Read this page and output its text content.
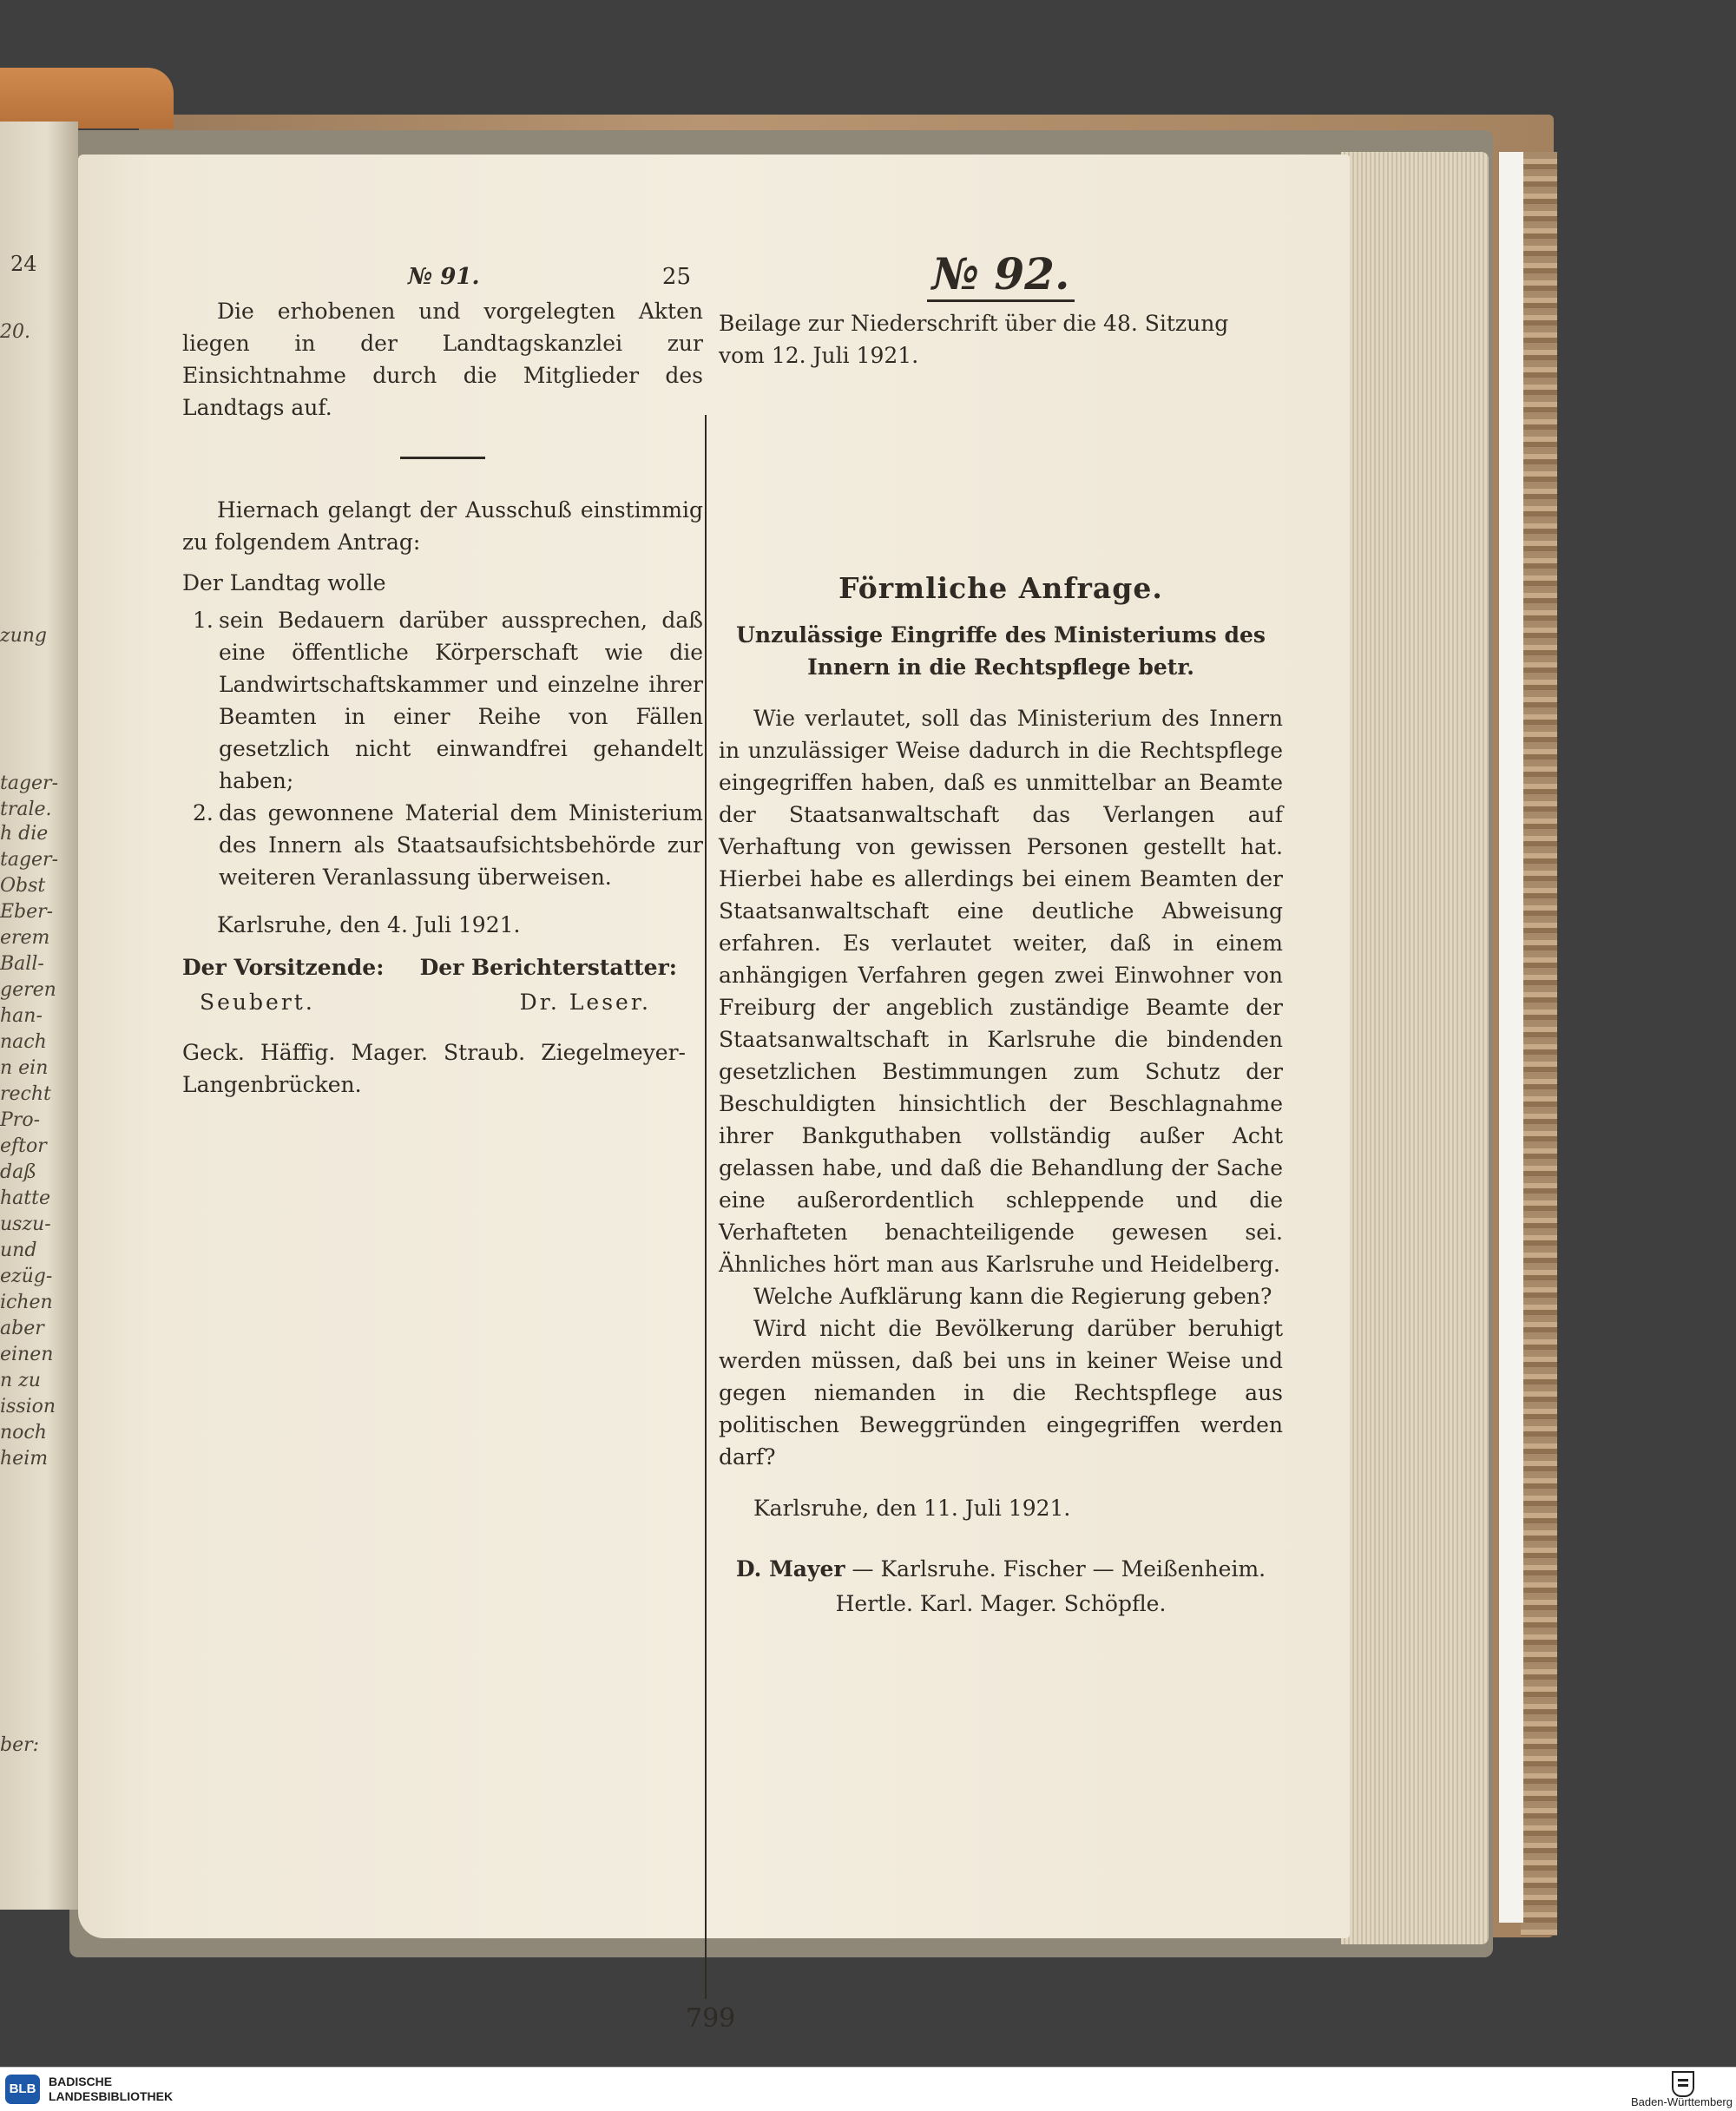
24
20.
zung
tager-
trale.
h die
tager-
Obst
Eber-
erem
Ball-
geren
han-
nach
n ein
recht
Pro-
eftor
daß
hatte
uszu-
und
ezüg-
ichen
aber
einen
n zu
ission
noch
heim
ber:
№ 91.	25

Die erhobenen und vorgelegten Akten liegen in der Landtagskanzlei zur Einsichtnahme durch die Mitglieder des Landtags auf.

Hiernach gelangt der Ausschuß einstimmig zu folgendem Antrag:

Der Landtag wolle

1. sein Bedauern darüber aussprechen, daß eine öffentliche Körperschaft wie die Landwirtschaftskammer und einzelne ihrer Beamten in einer Reihe von Fällen gesetzlich nicht einwandfrei gehandelt haben;
2. das gewonnene Material dem Ministerium des Innern als Staatsaufsichtsbehörde zur weiteren Veranlassung überweisen.

Karlsruhe, den 4. Juli 1921.

Der Vorsitzende: Der Berichterstatter:
Seubert.	Dr. Leser.

Geck. Häffig. Mager. Straub. Ziegelmeyer-Langenbrücken.

№ 92.

Beilage zur Niederschrift über die 48. Sitzung

vom 12. Juli 1921.

Förmliche Anfrage.
Unzulässige Eingriffe des Ministeriums des Innern in die Rechtspflege betr.

Wie verlautet, soll das Ministerium des Innern in unzulässiger Weise dadurch in die Rechtspflege eingegriffen haben, daß es unmittelbar an Beamte der Staatsanwaltschaft das Verlangen auf Verhaftung von gewissen Personen gestellt hat. Hierbei habe es allerdings bei einem Beamten der Staatsanwaltschaft eine deutliche Abweisung erfahren. Es verlautet weiter, daß in einem anhängigen Verfahren gegen zwei Einwohner von Freiburg der angeblich zuständige Beamte der Staatsanwaltschaft in Karlsruhe die bindenden gesetzlichen Bestimmungen zum Schutz der Beschuldigten hinsichtlich der Beschlagnahme ihrer Bankguthaben vollständig außer Acht gelassen habe, und daß die Behandlung der Sache eine außerordentlich schleppende und die Verhafteten benachteiligende gewesen sei. Ähnliches hört man aus Karlsruhe und Heidelberg.

Welche Aufklärung kann die Regierung geben?

Wird nicht die Bevölkerung darüber beruhigt werden müssen, daß bei uns in keiner Weise und gegen niemanden in die Rechtspflege aus politischen Beweggründen eingegriffen werden darf?

Karlsruhe, den 11. Juli 1921.

D. Mayer — Karlsruhe. Fischer — Meißenheim.
Hertle. Karl. Mager. Schöpfle.
799
BLB	BADISCHE
LANDESBIBLIOTHEK	Baden-Württemberg
